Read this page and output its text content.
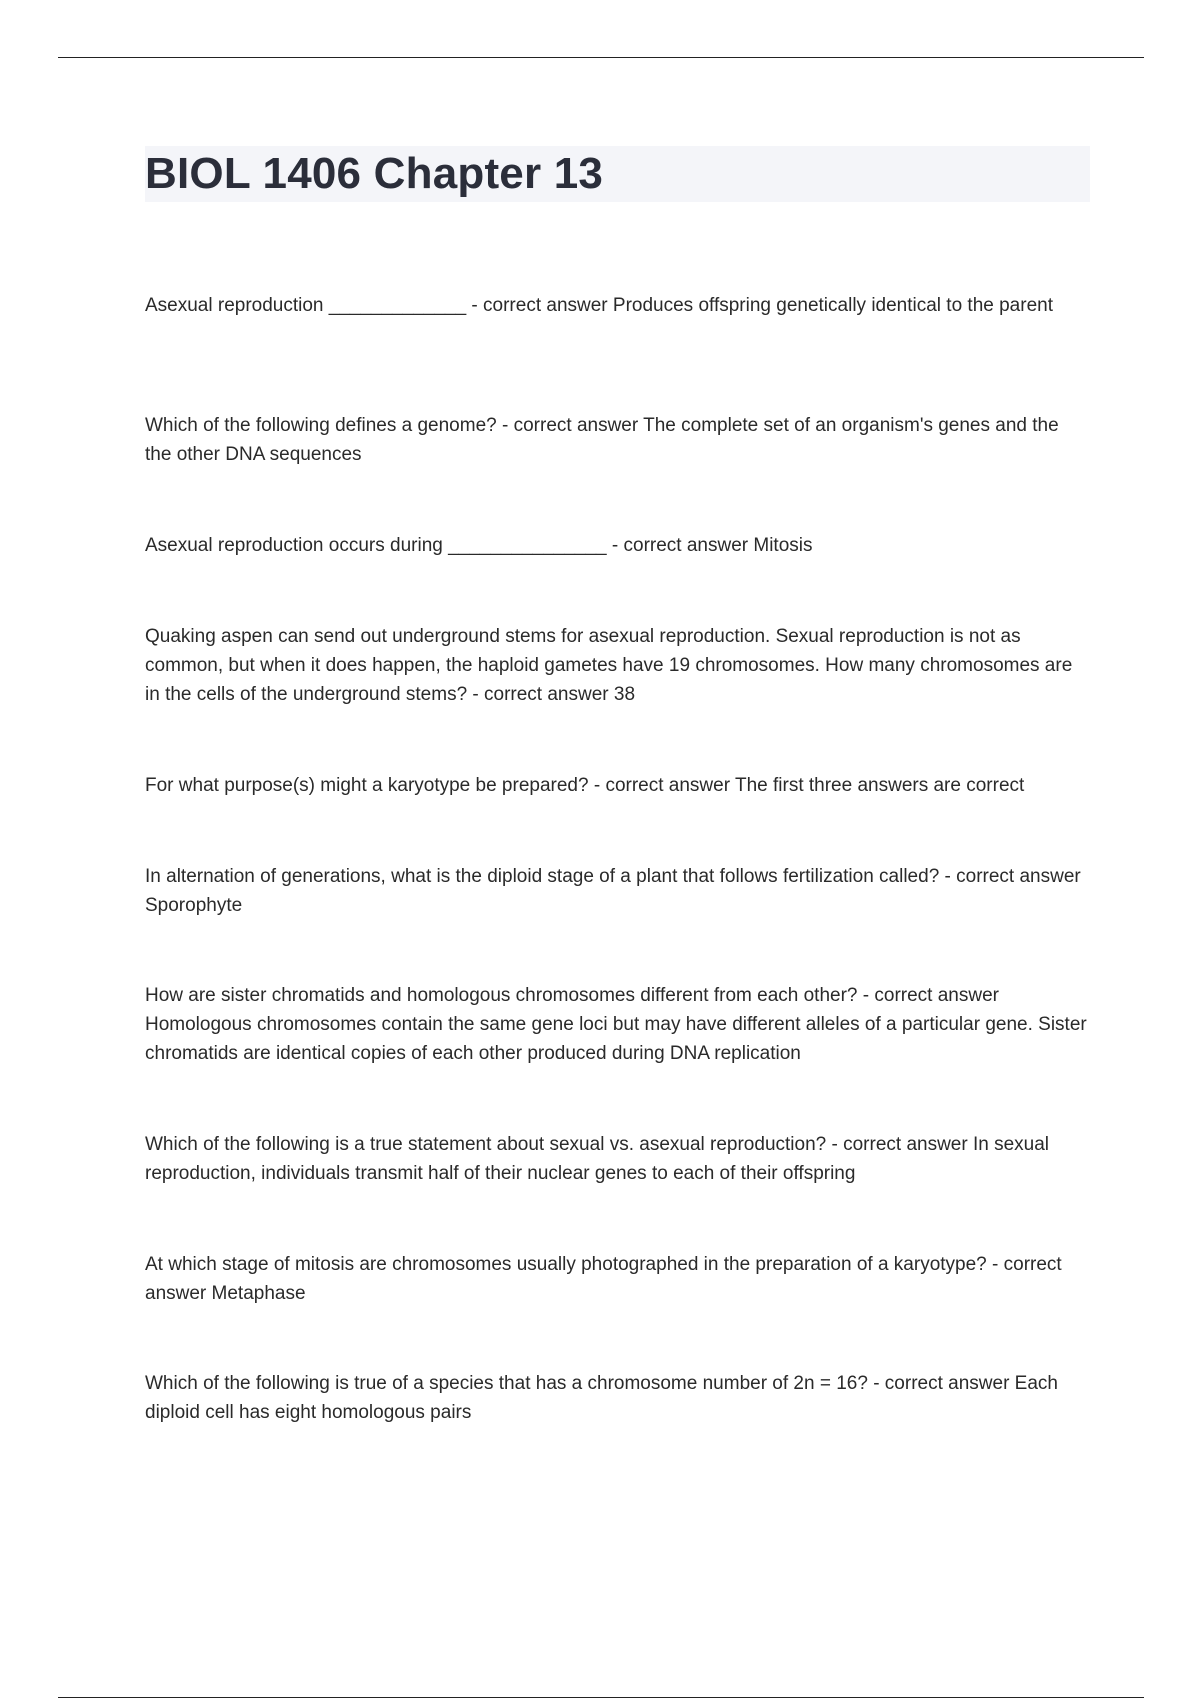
BIOL 1406 Chapter 13
Asexual reproduction _____________ - correct answer Produces offspring genetically identical to the parent
Which of the following defines a genome? - correct answer The complete set of an organism's genes and the the other DNA sequences
Asexual reproduction occurs during _______________ - correct answer Mitosis
Quaking aspen can send out underground stems for asexual reproduction. Sexual reproduction is not as common, but when it does happen, the haploid gametes have 19 chromosomes. How many chromosomes are in the cells of the underground stems? - correct answer 38
For what purpose(s) might a karyotype be prepared? - correct answer The first three answers are correct
In alternation of generations, what is the diploid stage of a plant that follows fertilization called? - correct answer Sporophyte
How are sister chromatids and homologous chromosomes different from each other? - correct answer Homologous chromosomes contain the same gene loci but may have different alleles of a particular gene. Sister chromatids are identical copies of each other produced during DNA replication
Which of the following is a true statement about sexual vs. asexual reproduction? - correct answer In sexual reproduction, individuals transmit half of their nuclear genes to each of their offspring
At which stage of mitosis are chromosomes usually photographed in the preparation of a karyotype? - correct answer Metaphase
Which of the following is true of a species that has a chromosome number of 2n = 16? - correct answer Each diploid cell has eight homologous pairs
